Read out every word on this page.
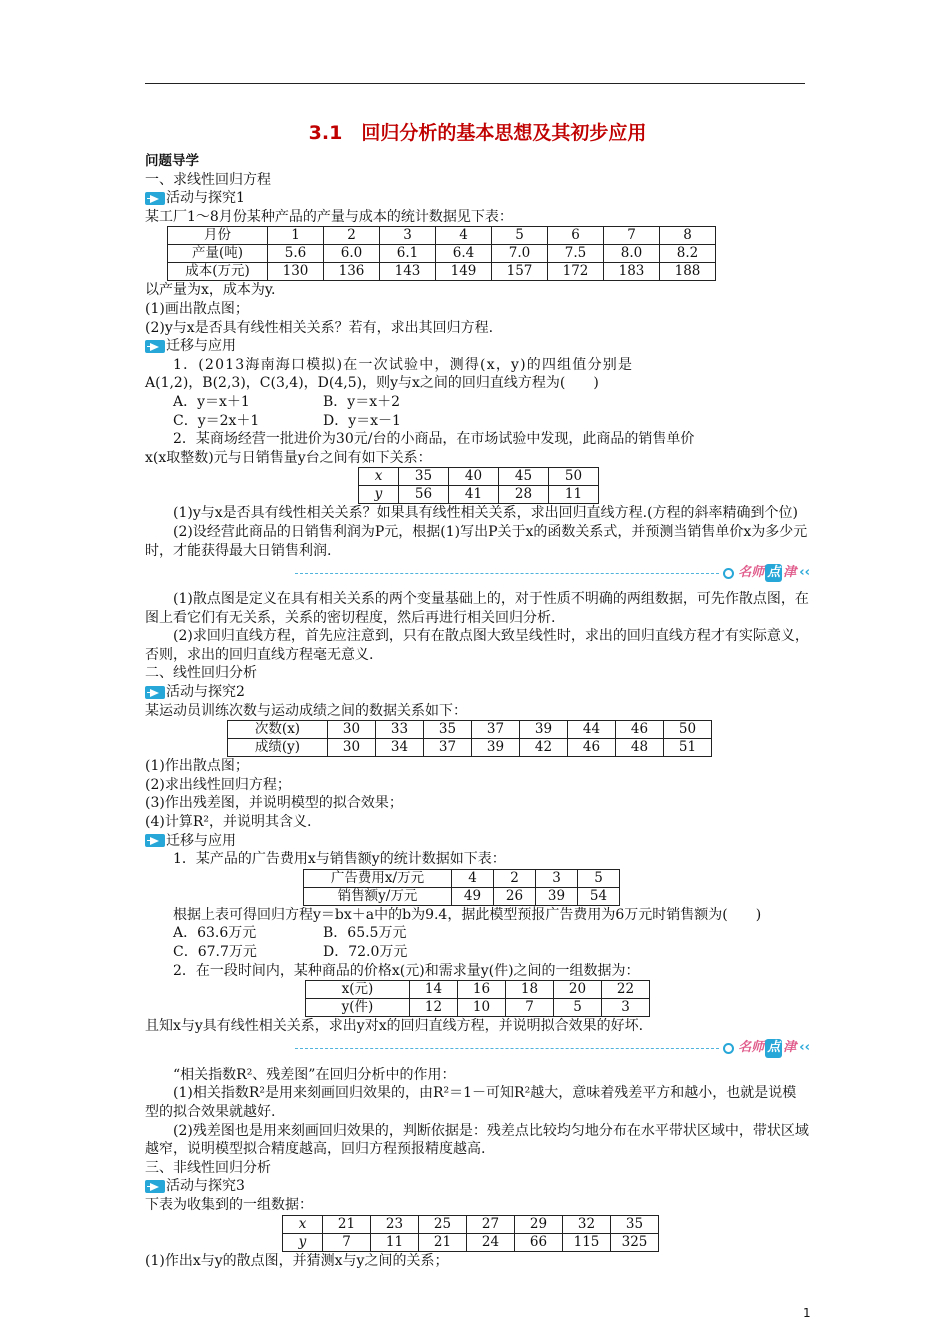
3.1　回归分析的基本思想及其初步应用

问题导学

一、求线性回归方程

活动与探究1

某工厂1～8月份某种产品的产量与成本的统计数据见下表：

月份	1	2	3	4	5	6	7	8
产量(吨)	5.6	6.0	6.1	6.4	7.0	7.5	8.0	8.2
成本(万元)	130	136	143	149	157	172	183	188

以产量为x，成本为y.

(1)画出散点图；

(2)y与x是否具有线性相关关系？若有，求出其回归方程.

迁移与应用

1．(2013海南海口模拟)在一次试验中，测得(x，y)的四组值分别是

A(1,2)，B(2,3)，C(3,4)，D(4,5)，则y与x之间的回归直线方程为(　　)

A．y＝x＋1	B．y＝x＋2
C．y＝2x＋1	D．y＝x－1

2．某商场经营一批进价为30元/台的小商品，在市场试验中发现，此商品的销售单价

x(x取整数)元与日销售量y台之间有如下关系：

x	35	40	45	50
y	56	41	28	11

(1)y与x是否具有线性相关关系？如果具有线性相关关系，求出回归直线方程.(方程的斜率精确到个位)

(2)设经营此商品的日销售利润为P元，根据(1)写出P关于x的函数关系式，并预测当销售单价x为多少元时，才能获得最大日销售利润.

名师 点 津 ‹‹

(1)散点图是定义在具有相关关系的两个变量基础上的，对于性质不明确的两组数据，可先作散点图，在图上看它们有无关系，关系的密切程度，然后再进行相关回归分析.

(2)求回归直线方程，首先应注意到，只有在散点图大致呈线性时，求出的回归直线方程才有实际意义，否则，求出的回归直线方程毫无意义.

二、线性回归分析

活动与探究2

某运动员训练次数与运动成绩之间的数据关系如下：

次数(x)	30	33	35	37	39	44	46	50
成绩(y)	30	34	37	39	42	46	48	51

(1)作出散点图；

(2)求出线性回归方程；

(3)作出残差图，并说明模型的拟合效果；

(4)计算R²，并说明其含义.

迁移与应用

1．某产品的广告费用x与销售额y的统计数据如下表：

广告费用x/万元	4	2	3	5
销售额y/万元	49	26	39	54

根据上表可得回归方程y＝bx＋a中的b为9.4，据此模型预报广告费用为6万元时销售额为(　　)

A．63.6万元	B．65.5万元
C．67.7万元	D．72.0万元

2．在一段时间内，某种商品的价格x(元)和需求量y(件)之间的一组数据为：

x(元)	14	16	18	20	22
y(件)	12	10	7	5	3

且知x与y具有线性相关关系，求出y对x的回归直线方程，并说明拟合效果的好坏.

名师 点 津 ‹‹

“相关指数R²、残差图”在回归分析中的作用：

(1)相关指数R²是用来刻画回归效果的，由R²＝1－可知R²越大，意味着残差平方和越小，也就是说模型的拟合效果就越好.

(2)残差图也是用来刻画回归效果的，判断依据是：残差点比较均匀地分布在水平带状区域中，带状区域越窄，说明模型拟合精度越高，回归方程预报精度越高.

三、非线性回归分析

活动与探究3

下表为收集到的一组数据：

x	21	23	25	27	29	32	35
y	7	11	21	24	66	115	325

(1)作出x与y的散点图，并猜测x与y之间的关系；

1
